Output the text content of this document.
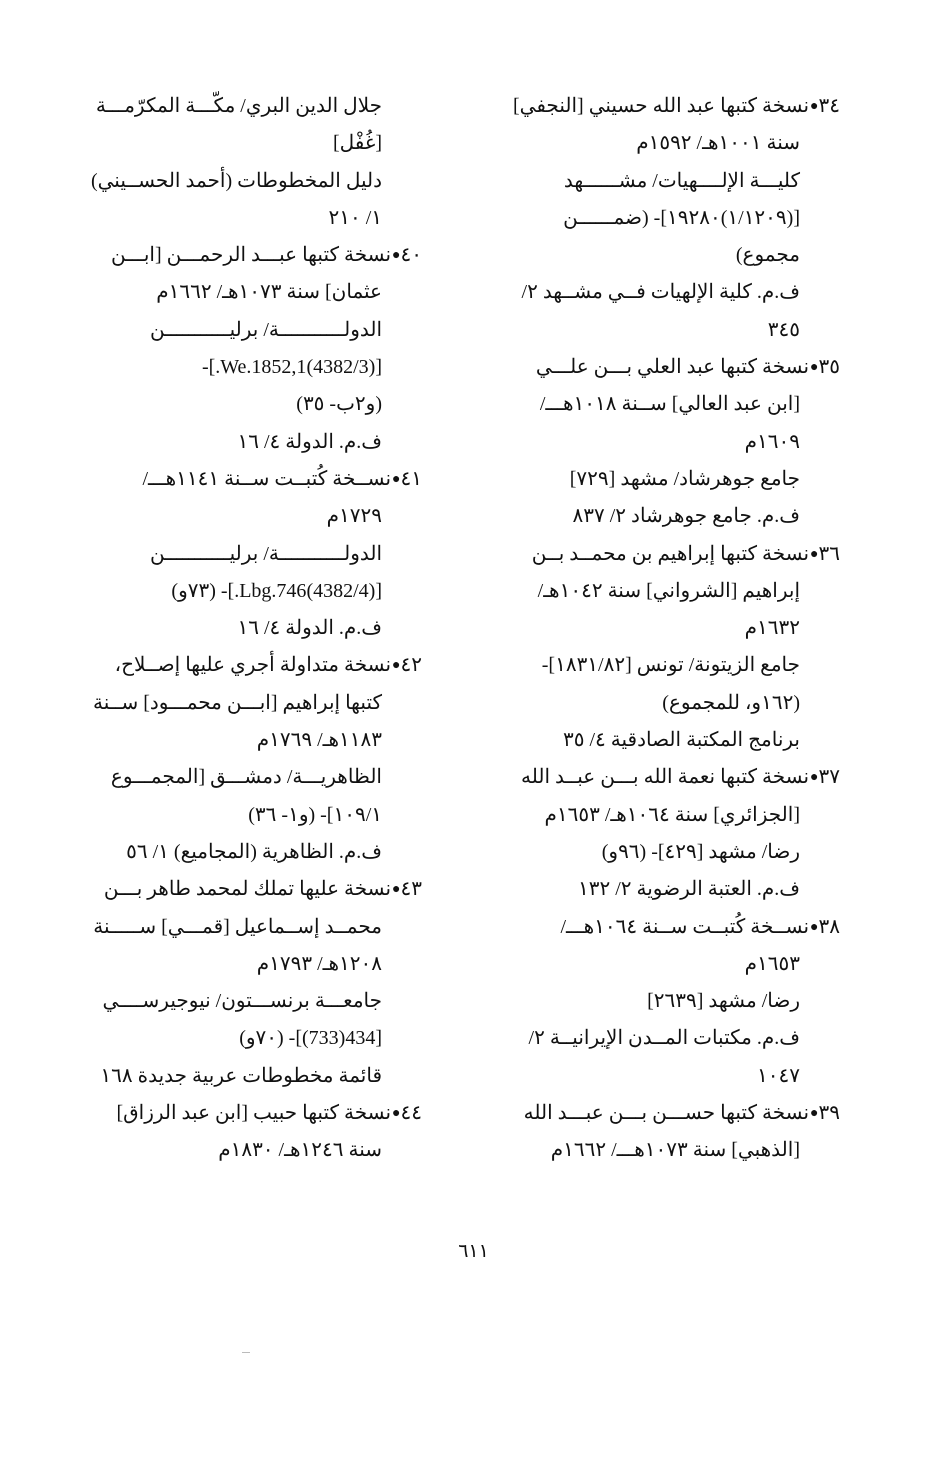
٣٤●نسخة كتبها عبد الله حسيني [النجفي]
سنة ١٠٠١هـ/ ١٥٩٢م
كليـــة الإلــــهيات/ مشــــــهد
[(١/١٢٠٩)١٩٢٨٠]- (ضمــــــن
مجموع)
ف.م. كلية الإلهيات فــي مشــهد ٢/
٣٤٥
٣٥●نسخة كتبها عبد العلي بـــن علـــي
[ابن عبد العالي] ســنة ١٠١٨هـــ/
١٦٠٩م
جامع جوهرشاد/ مشهد [٧٢٩]
ف.م. جامع جوهرشاد ٢/ ٨٣٧
٣٦●نسخة كتبها إبراهيم بن محمــد بــن
إبراهيم [الشرواني] سنة ١٠٤٢هـ/
١٦٣٢م
جامع الزيتونة/ تونس [١٨٣١/٨٢]-
(١٦٢و، للمجموع)
برنامج المكتبة الصادقية ٤/ ٣٥
٣٧●نسخة كتبها نعمة الله بـــن عبــد الله
[الجزائري] سنة ١٠٦٤هـ/ ١٦٥٣م
رضا/ مشهد [٤٢٩]- (٩٦و)
ف.م. العتبة الرضوية ٢/ ١٣٢
٣٨●نســخة كُتبــت ســنة ١٠٦٤هـــ/
١٦٥٣م
رضا/ مشهد [٢٦٣٩]
ف.م. مكتبات المــدن الإيرانيــة ٢/
١٠٤٧
٣٩●نسخة كتبها حســـن بـــن عبـــد الله
[الذهبي] سنة ١٠٧٣هـــ/ ١٦٦٢م
جلال الدين البري/ مكّـــة المكرّمـــة
[غُفْل]
دليل المخطوطات (أحمد الحســيني)
١/ ٢١٠
٤٠●نسخة كتبها عبـــد الرحمـــن [ابـــن
عثمان] سنة ١٠٧٣هـ/ ١٦٦٢م
الدولـــــــــــة/ برليـــــــــــن
[(4382/3)We.1852,1.]-
(و٢ب- ٣٥)
ف.م. الدولة ٤/ ١٦
٤١●نســخة كُتبــت ســنة ١١٤١هـــ/
١٧٢٩م
الدولـــــــــــة/ برليـــــــــــن
[(4382/4)Lbg.746.]- (٧٣و)
ف.م. الدولة ٤/ ١٦
٤٢●نسخة متداولة أجري عليها إصــلاح،
كتبها إبراهيم [ابـــن محمـــود] ســنة
١١٨٣هـ/ ١٧٦٩م
الظاهريـــة/ دمشـــق [المجمـــوع
١٠٩/١]- (و١- ٣٦)
ف.م. الظاهرية (المجاميع) ١/ ٥٦
٤٣●نسخة عليها تملك لمحمد طاهر بـــن
محمــد إســماعيل [قمـــي] ســـــنة
١٢٠٨هـ/ ١٧٩٣م
جامعـــة برنســـتون/ نيوجيرســــي
[434(733)]- (٧٠و)
قائمة مخطوطات عربية جديدة ١٦٨
٤٤●نسخة كتبها حبيب [ابن عبد الرزاق]
سنة ١٢٤٦هـ/ ١٨٣٠م
٦١١
